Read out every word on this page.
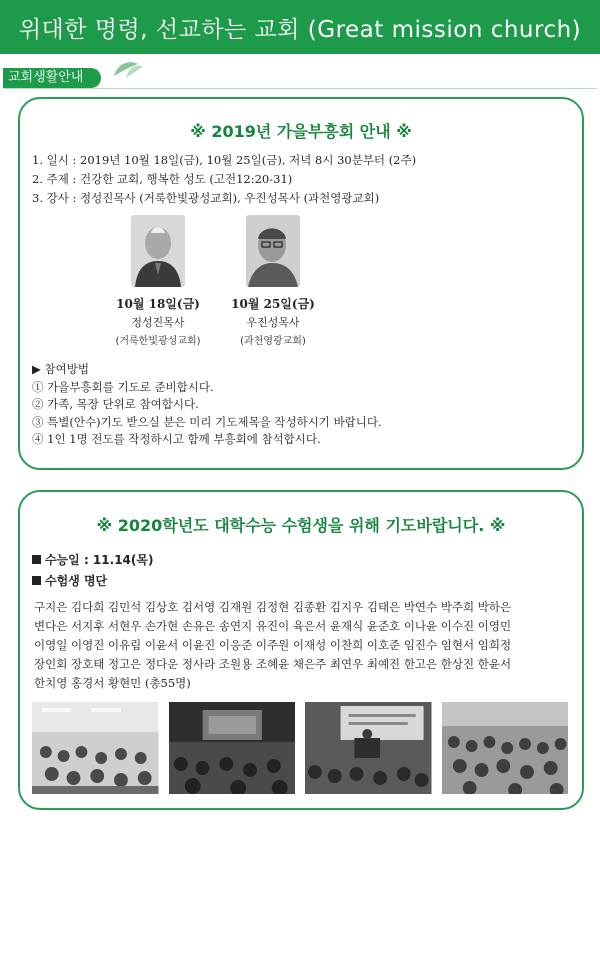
위대한 명령, 선교하는 교회 (Great mission church)
교회생활안내
※ 2019년 가을부흥회 안내 ※
1. 일시 : 2019년 10월 18일(금), 10월 25일(금), 저녁 8시 30분부터 (2주)
2. 주제 : 건강한 교회, 행복한 성도 (고전12:20-31)
3. 강사 : 정성진목사 (거룩한빛광성교회), 우진성목사 (과천영광교회)
10월 18일(금)
정성진목사
(거룩한빛광성교회)
10월 25일(금)
우진성목사
(과천영광교회)
▶ 참여방법
① 가을부흥회를 기도로 준비합시다.
② 가족, 목장 단위로 참여합시다.
③ 특별(안수)기도 받으실 분은 미리 기도제목을 작성하시기 바랍니다.
④ 1인 1명 전도를 작정하시고 함께 부흥회에 참석합시다.
※ 2020학년도 대학수능 수험생을 위해 기도바랍니다. ※
수능일 : 11.14(목)
수험생 명단
구지은 김다희 김민석 김상호 김서영 김재원 김정현 김종환 김지우 김태은 박연수 박주희 박하은
변다은 서지후 서현우 손가현 손유은 송연지 유진이 육은서 윤재식 윤준호 이나윤 이수진 이영민
이영일 이영진 이유림 이윤서 이윤진 이응준 이주원 이재성 이찬희 이호준 임진수 임현서 임희정
장인회 장호태 정고은 정다운 정사라 조원용 조혜윤 채은주 최연우 최예진 한고은 한상진 한윤서
한치영 홍경서 황현민 (총55명)
